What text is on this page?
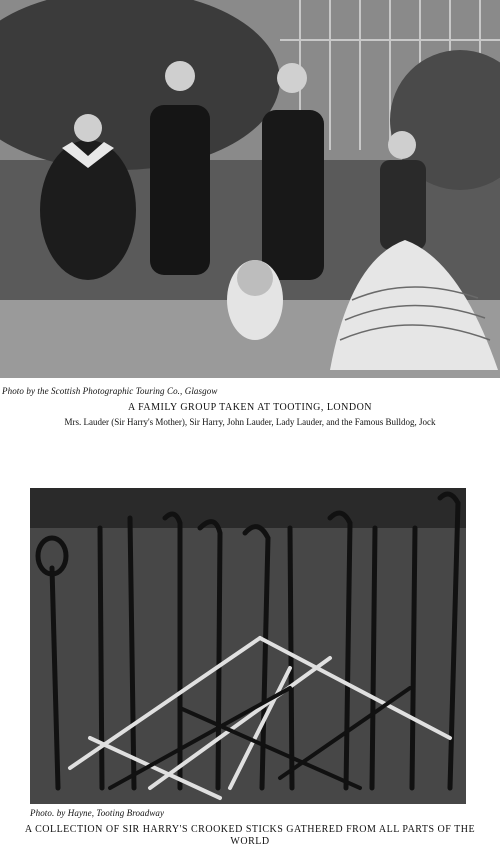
Photo by the Scottish Photographic Touring Co., Glasgow
A FAMILY GROUP TAKEN AT TOOTING, LONDON
Mrs. Lauder (Sir Harry's Mother), Sir Harry, John Lauder, Lady Lauder, and the Famous Bulldog, Jock
Photo. by Hayne, Tooting Broadway
A COLLECTION OF SIR HARRY'S CROOKED STICKS GATHERED FROM ALL PARTS OF THE WORLD
